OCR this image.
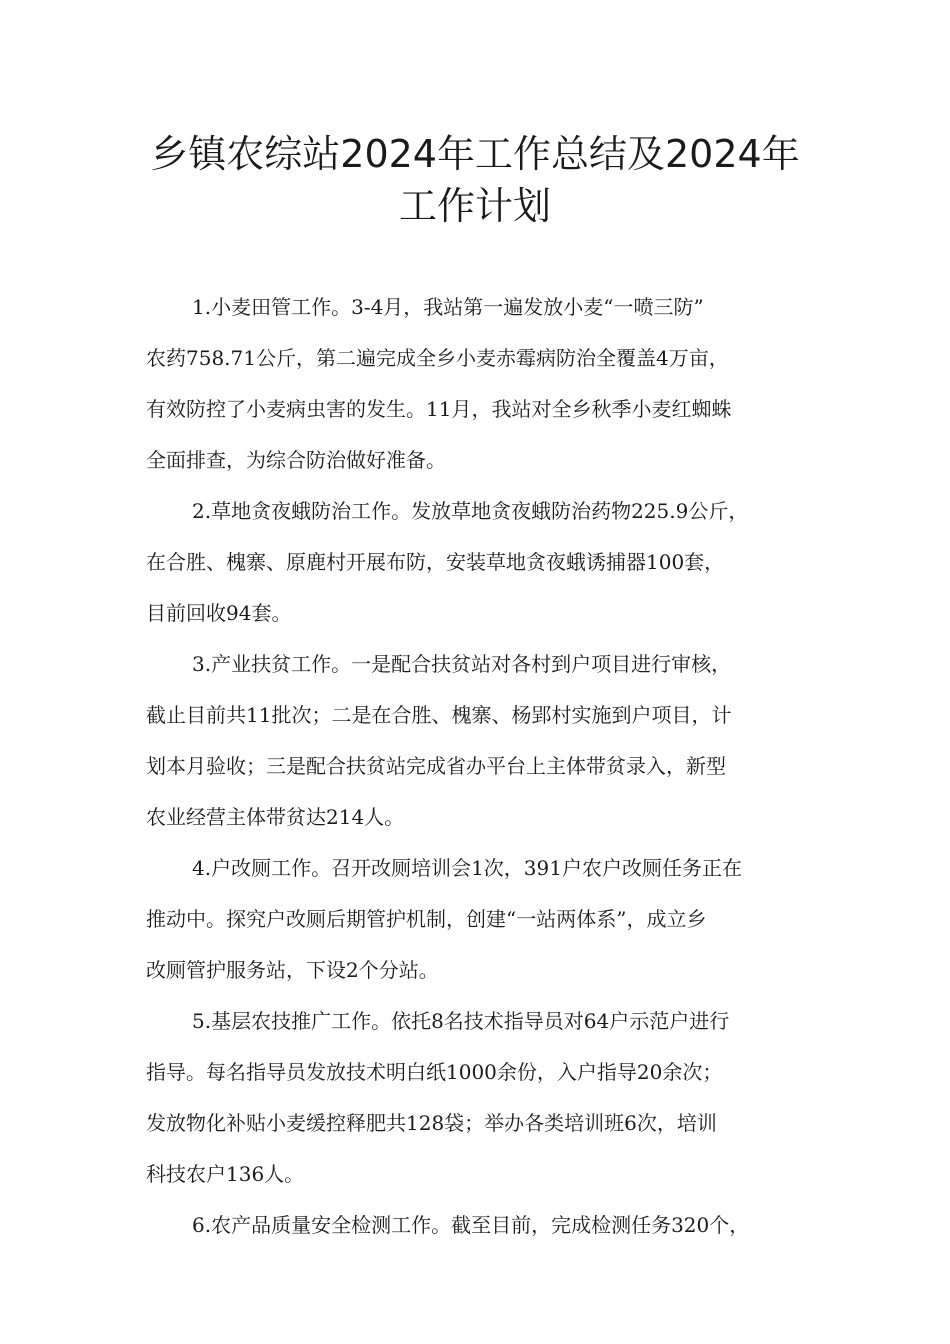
乡镇农综站2024年工作总结及2024年
工作计划

1.小麦田管工作。3-4月，我站第一遍发放小麦“一喷三防”
农药758.71公斤，第二遍完成全乡小麦赤霉病防治全覆盖4万亩，
有效防控了小麦病虫害的发生。11月，我站对全乡秋季小麦红蜘蛛
全面排查，为综合防治做好准备。

2.草地贪夜蛾防治工作。发放草地贪夜蛾防治药物225.9公斤，
在合胜、槐寨、原鹿村开展布防，安装草地贪夜蛾诱捕器100套，
目前回收94套。

3.产业扶贫工作。一是配合扶贫站对各村到户项目进行审核，
截止目前共11批次；二是在合胜、槐寨、杨郢村实施到户项目，计
划本月验收；三是配合扶贫站完成省办平台上主体带贫录入，新型
农业经营主体带贫达214人。

4.户改厕工作。召开改厕培训会1次，391户农户改厕任务正在
推动中。探究户改厕后期管护机制，创建“一站两体系”，成立乡
改厕管护服务站，下设2个分站。

5.基层农技推广工作。依托8名技术指导员对64户示范户进行
指导。每名指导员发放技术明白纸1000余份，入户指导20余次；
发放物化补贴小麦缓控释肥共128袋；举办各类培训班6次，培训
科技农户136人。

6.农产品质量安全检测工作。截至目前，完成检测任务320个，
